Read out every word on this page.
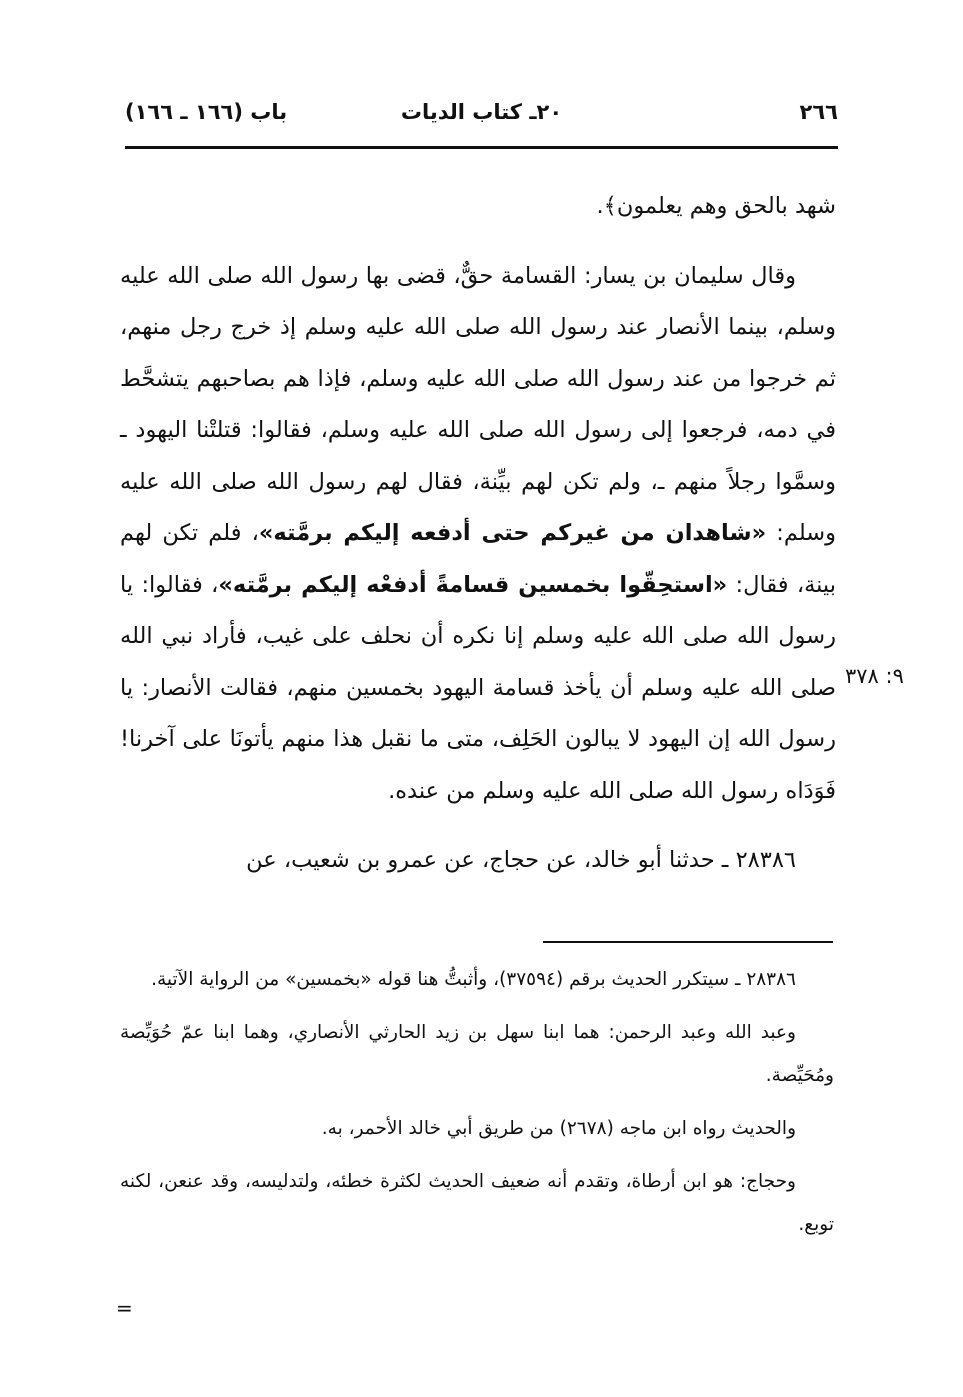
٢٦٦
٢٠ـ كتاب الديات
باب (١٦٦ ـ ١٦٦)

شهد بالحق وهم يعلمون﴾.

وقال سليمان بن يسار: القسامة حقٌّ، قضى بها رسول الله صلى الله عليه وسلم، بينما الأنصار عند رسول الله صلى الله عليه وسلم إذ خرج رجل منهم، ثم خرجوا من عند رسول الله صلى الله عليه وسلم، فإذا هم بصاحبهم يتشحَّط في دمه، فرجعوا إلى رسول الله صلى الله عليه وسلم، فقالوا: قتلتْنا اليهود ـ وسمَّوا رجلاً منهم ـ، ولم تكن لهم بيِّنة، فقال لهم رسول الله صلى الله عليه وسلم: «شاهدان من غيركم حتى أدفعه إليكم برمَّته»، فلم تكن لهم بينة، فقال: «استحِقّوا بخمسين قسامةً أدفعْه إليكم برمَّته»، فقالوا: يا رسول الله صلى الله عليه وسلم إنا نكره أن نحلف على غيب، فأراد نبي الله صلى الله عليه وسلم أن يأخذ قسامة اليهود بخمسين منهم، فقالت الأنصار: يا رسول الله إن اليهود لا يبالون الحَلِف، متى ما نقبل هذا منهم يأتونَا على آخرنا! فَوَدَاه رسول الله صلى الله عليه وسلم من عنده.

٢٨٣٨٦ ـ حدثنا أبو خالد، عن حجاج، عن عمرو بن شعيب، عن

٩: ٣٧٨

٢٨٣٨٦ ـ سيتكرر الحديث برقم (٣٧٥٩٤)، وأثبتُّ هنا قوله «بخمسين» من الرواية الآتية.

وعبد الله وعبد الرحمن: هما ابنا سهل بن زيد الحارثي الأنصاري، وهما ابنا عمّ حُوَيِّصة ومُحَيِّصة.

والحديث رواه ابن ماجه (٢٦٧٨) من طريق أبي خالد الأحمر، به.

وحجاج: هو ابن أرطاة، وتقدم أنه ضعيف الحديث لكثرة خطئه، ولتدليسه، وقد عنعن، لكنه توبع.

=
